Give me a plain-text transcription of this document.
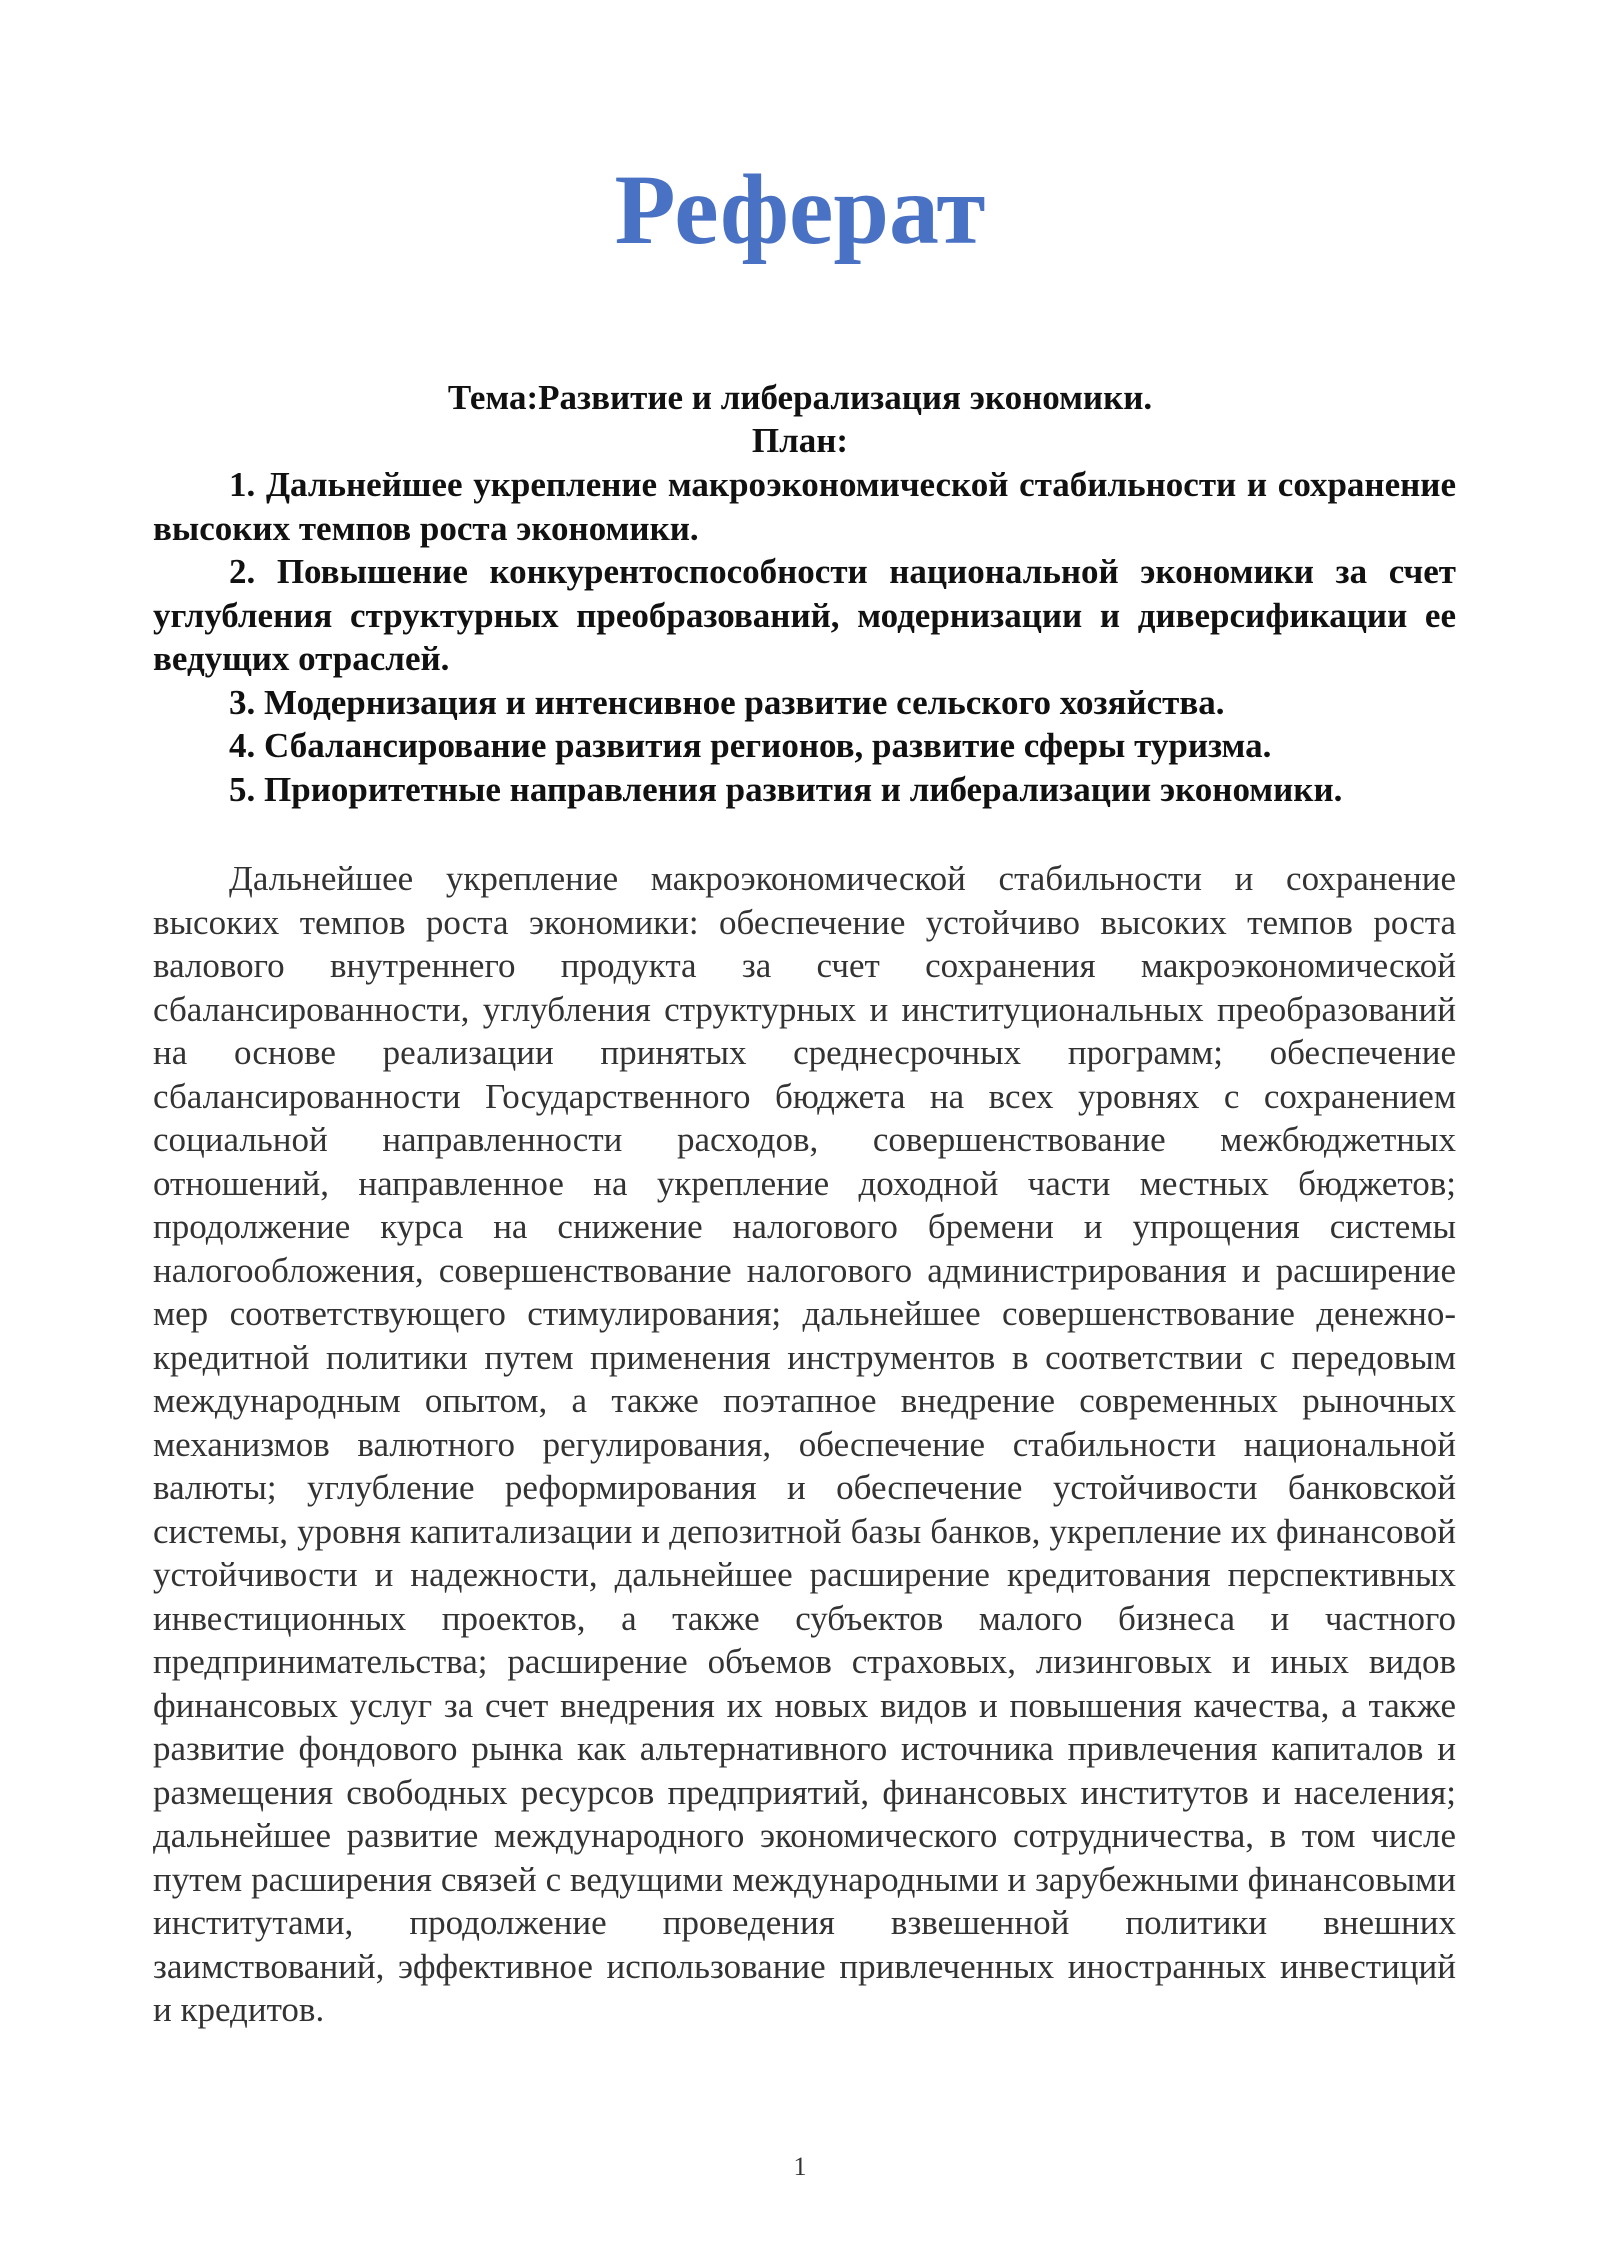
Реферат
Тема:Развитие и либерализация экономики.
План:
1. Дальнейшее укрепление макроэкономической стабильности и сохранение высоких темпов роста экономики.
2. Повышение конкурентоспособности национальной экономики за счет углубления структурных преобразований, модернизации и диверсификации ее ведущих отраслей.
3. Модернизация и интенсивное развитие сельского хозяйства.
4. Сбалансирование развития регионов, развитие сферы туризма.
5. Приоритетные направления развития и либерализации экономики.

Дальнейшее укрепление макроэкономической стабильности и сохранение высоких темпов роста экономики: обеспечение устойчиво высоких темпов роста валового внутреннего продукта за счет сохранения макроэкономической сбалансированности, углубления структурных и институциональных преобразований на основе реализации принятых среднесрочных программ; обеспечение сбалансированности Государственного бюджета на всех уровнях с сохранением социальной направленности расходов, совершенствование межбюджетных отношений, направленное на укрепление доходной части местных бюджетов; продолжение курса на снижение налогового бремени и упрощения системы налогообложения, совершенствование налогового администрирования и расширение мер соответствующего стимулирования; дальнейшее совершенствование денежно-кредитной политики путем применения инструментов в соответствии с передовым международным опытом, а также поэтапное внедрение современных рыночных механизмов валютного регулирования, обеспечение стабильности национальной валюты; углубление реформирования и обеспечение устойчивости банковской системы, уровня капитализации и депозитной базы банков, укрепление их финансовой устойчивости и надежности, дальнейшее расширение кредитования перспективных инвестиционных проектов, а также субъектов малого бизнеса и частного предпринимательства; расширение объемов страховых, лизинговых и иных видов финансовых услуг за счет внедрения их новых видов и повышения качества, а также развитие фондового рынка как альтернативного источника привлечения капиталов и размещения свободных ресурсов предприятий, финансовых институтов и населения; дальнейшее развитие международного экономического сотрудничества, в том числе путем расширения связей с ведущими международными и зарубежными финансовыми институтами, продолжение проведения взвешенной политики внешних заимствований, эффективное использование привлеченных иностранных инвестиций и кредитов.

1
